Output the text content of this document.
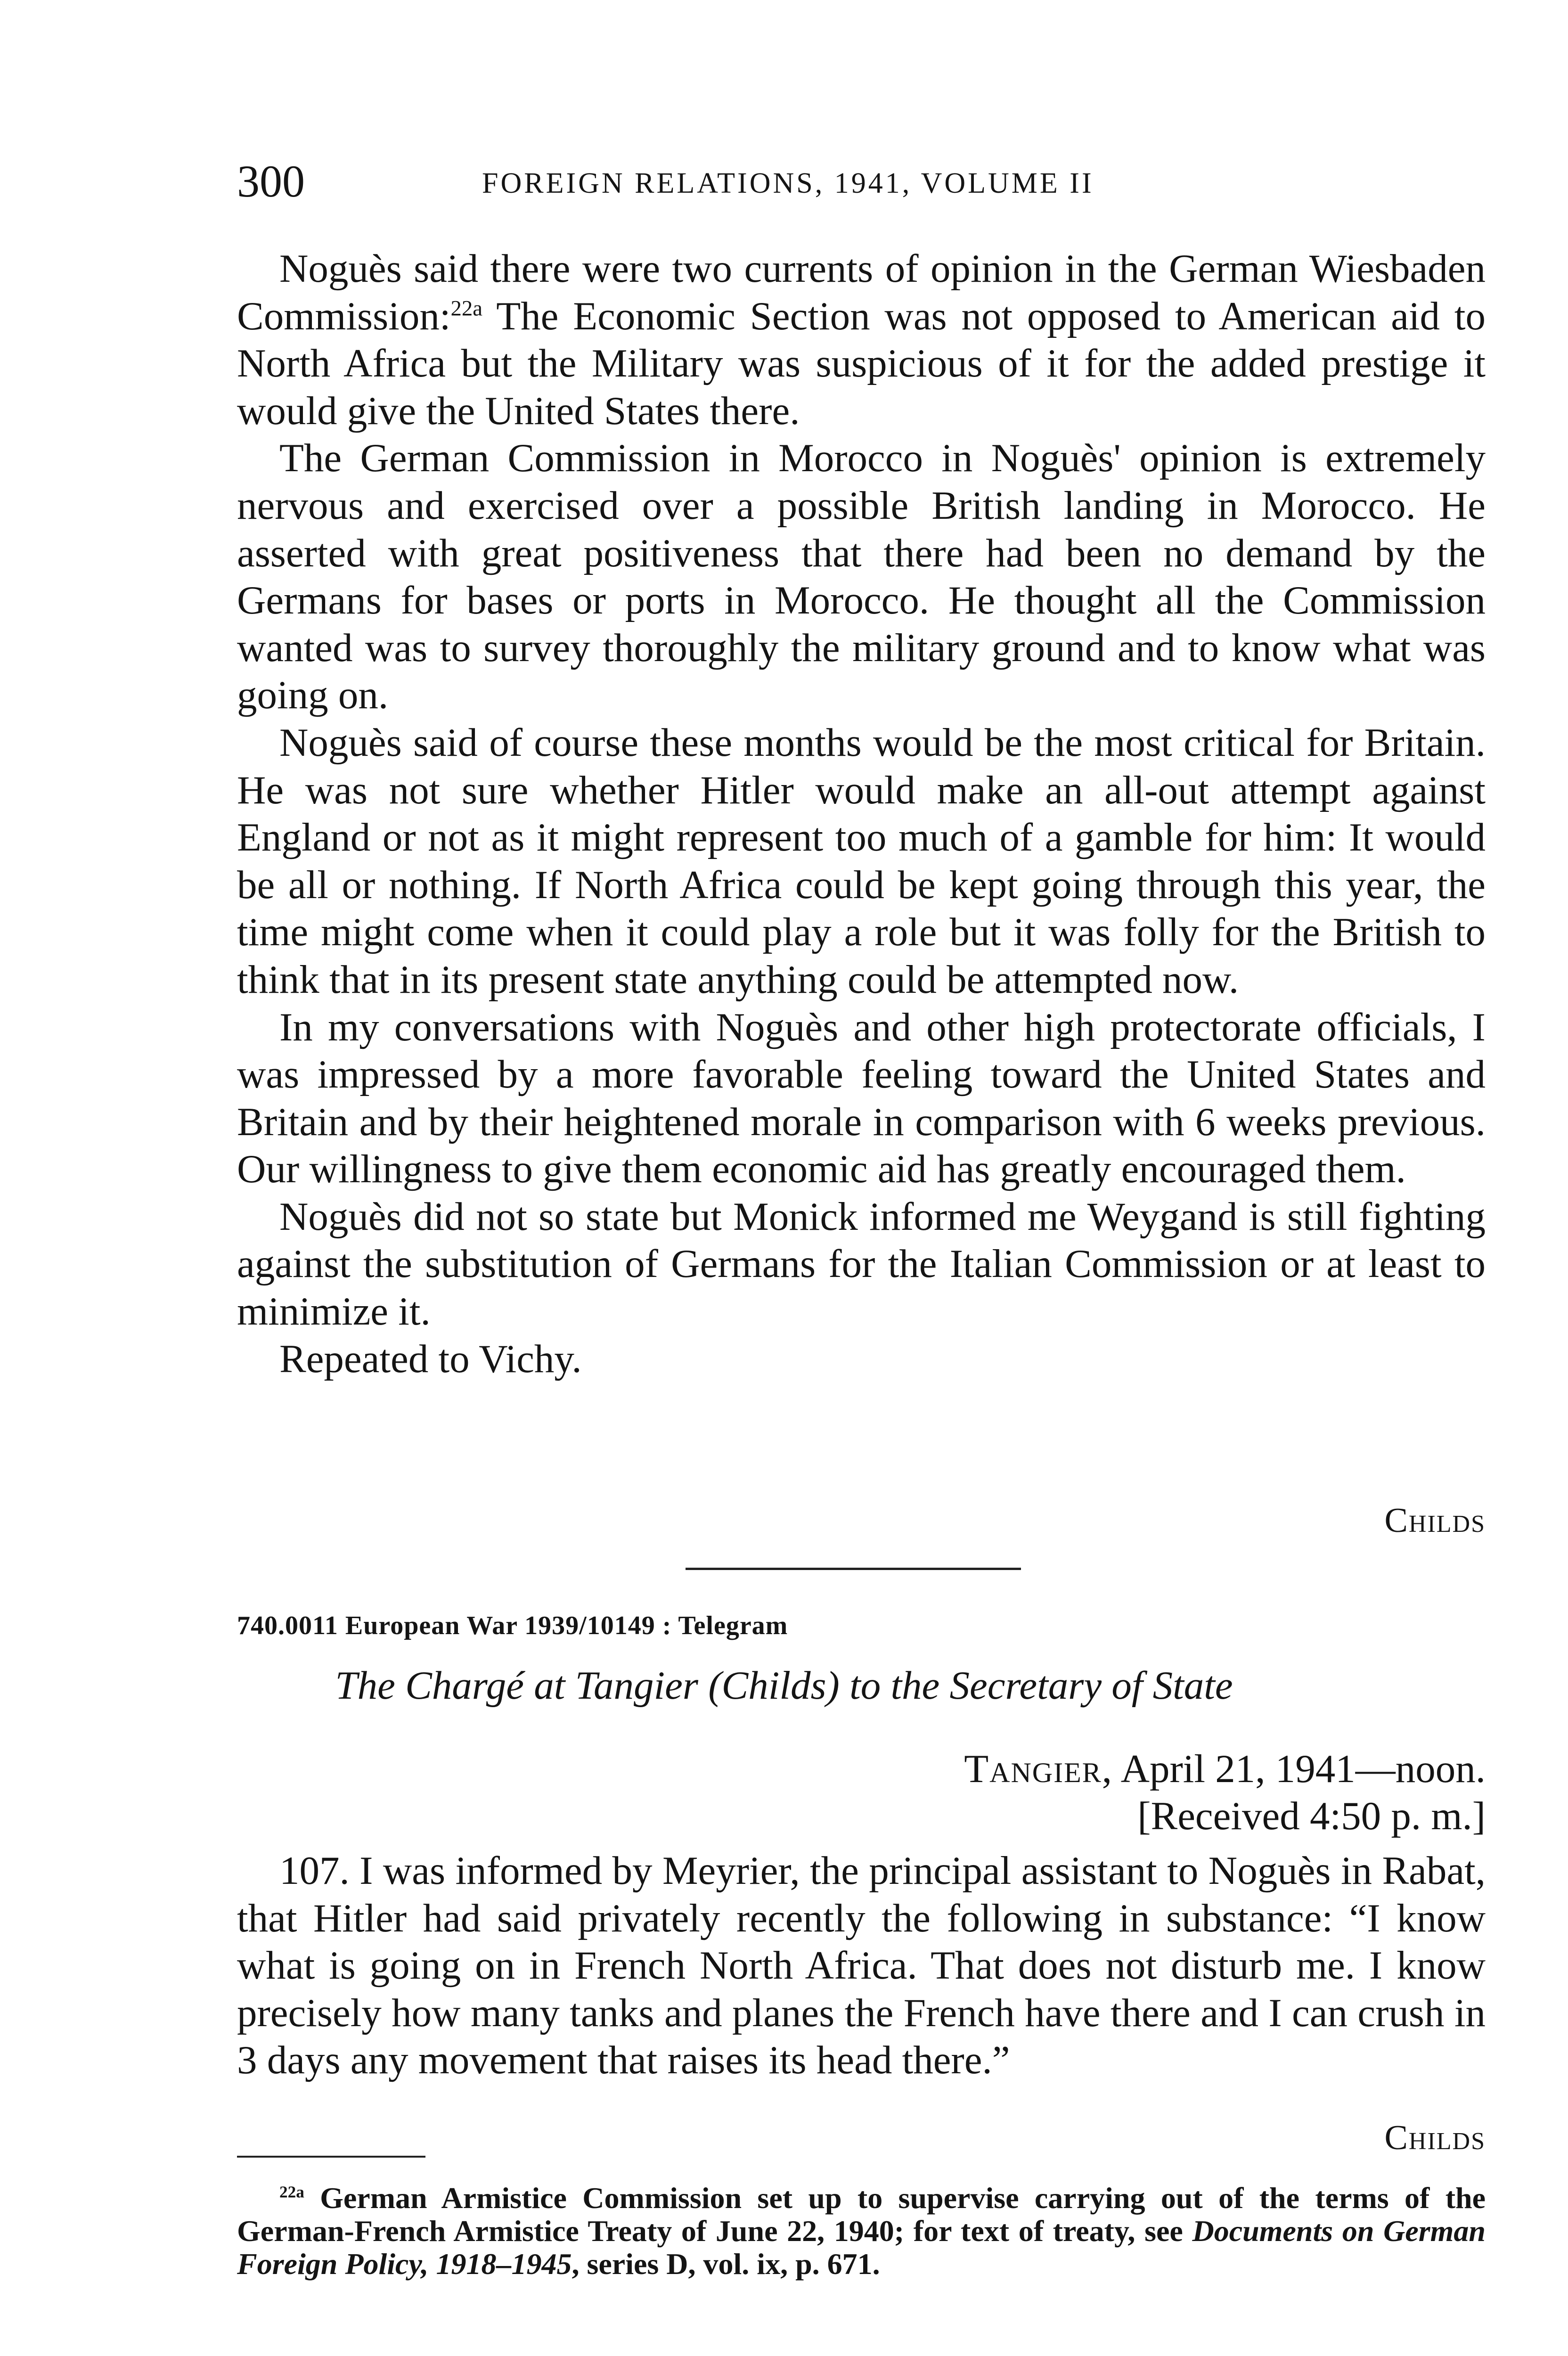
300	FOREIGN RELATIONS, 1941, VOLUME II

Noguès said there were two currents of opinion in the German Wiesbaden Commission:$^{22a}$ The Economic Section was not opposed to American aid to North Africa but the Military was suspicious of it for the added prestige it would give the United States there.

The German Commission in Morocco in Noguès' opinion is extremely nervous and exercised over a possible British landing in Morocco. He asserted with great positiveness that there had been no demand by the Germans for bases or ports in Morocco. He thought all the Commission wanted was to survey thoroughly the military ground and to know what was going on.

Noguès said of course these months would be the most critical for Britain. He was not sure whether Hitler would make an all-out attempt against England or not as it might represent too much of a gamble for him: It would be all or nothing. If North Africa could be kept going through this year, the time might come when it could play a role but it was folly for the British to think that in its present state anything could be attempted now.

In my conversations with Noguès and other high protectorate officials, I was impressed by a more favorable feeling toward the United States and Britain and by their heightened morale in comparison with 6 weeks previous. Our willingness to give them economic aid has greatly encouraged them.

Noguès did not so state but Monick informed me Weygand is still fighting against the substitution of Germans for the Italian Commission or at least to minimize it.

Repeated to Vichy.

Childs
740.0011 European War 1939/10149 : Telegram
The Chargé at Tangier (Childs) to the Secretary of State
Tangier, April 21, 1941—noon.
[Received 4:50 p. m.]

107. I was informed by Meyrier, the principal assistant to Noguès in Rabat, that Hitler had said privately recently the following in substance: “I know what is going on in French North Africa. That does not disturb me. I know precisely how many tanks and planes the French have there and I can crush in 3 days any movement that raises its head there.”

Childs

$^{22a}$ German Armistice Commission set up to supervise carrying out of the terms of the German-French Armistice Treaty of June 22, 1940; for text of treaty, see Documents on German Foreign Policy, 1918–1945, series D, vol. ix, p. 671.
